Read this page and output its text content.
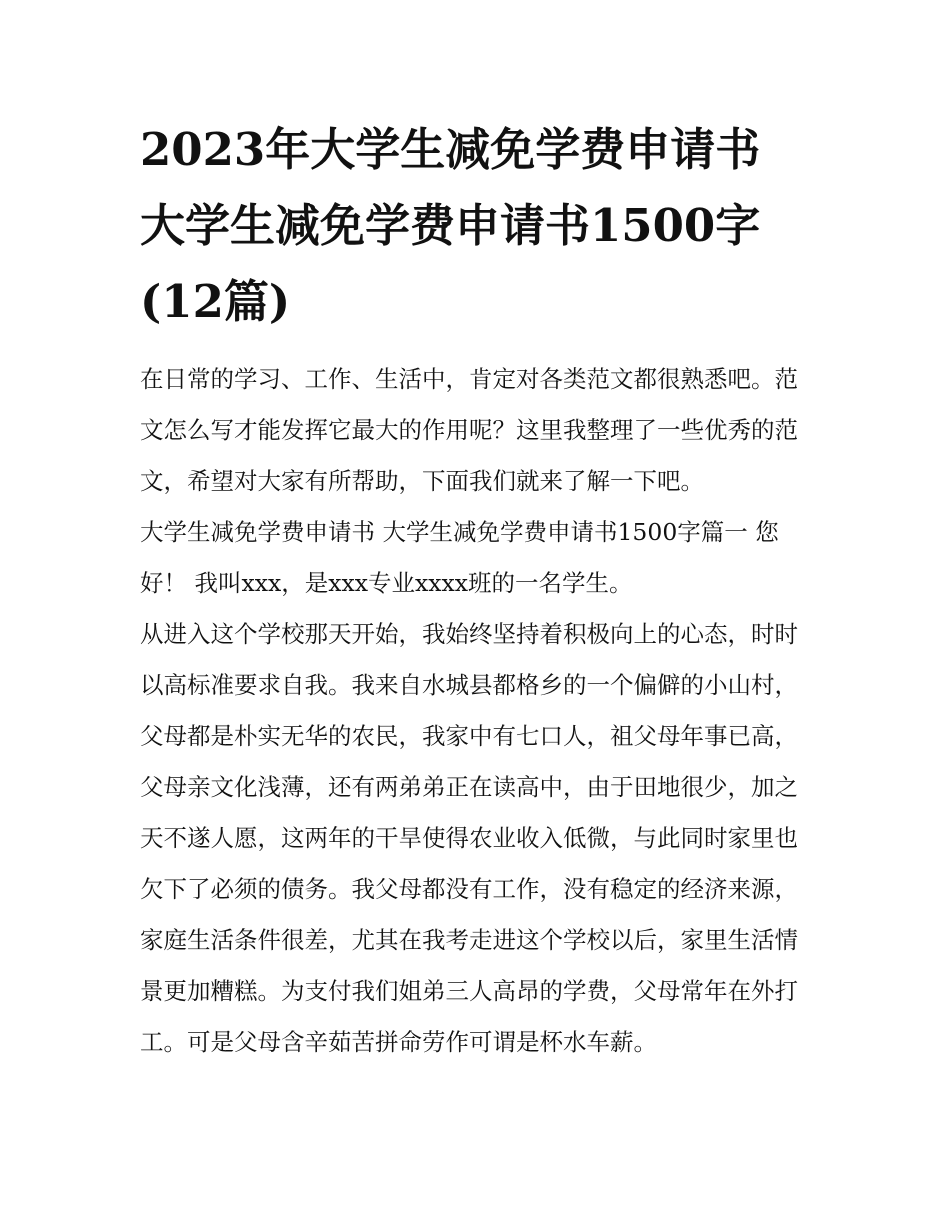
2023年大学生减免学费申请书
大学生减免学费申请书1500字
(12篇)

在日常的学习、工作、生活中，肯定对各类范文都很熟悉吧。范文怎么写才能发挥它最大的作用呢？这里我整理了一些优秀的范文，希望对大家有所帮助，下面我们就来了解一下吧。

大学生减免学费申请书 大学生减免学费申请书1500字篇一 您好！ 我叫xxx，是xxx专业xxxx班的一名学生。

从进入这个学校那天开始，我始终坚持着积极向上的心态，时时以高标准要求自我。我来自水城县都格乡的一个偏僻的小山村，父母都是朴实无华的农民，我家中有七口人，祖父母年事已高，父母亲文化浅薄，还有两弟弟正在读高中，由于田地很少，加之天不遂人愿，这两年的干旱使得农业收入低微，与此同时家里也欠下了必须的债务。我父母都没有工作，没有稳定的经济来源，家庭生活条件很差，尤其在我考走进这个学校以后，家里生活情景更加糟糕。为支付我们姐弟三人高昂的学费，父母常年在外打工。可是父母含辛茹苦拼命劳作可谓是杯水车薪。
